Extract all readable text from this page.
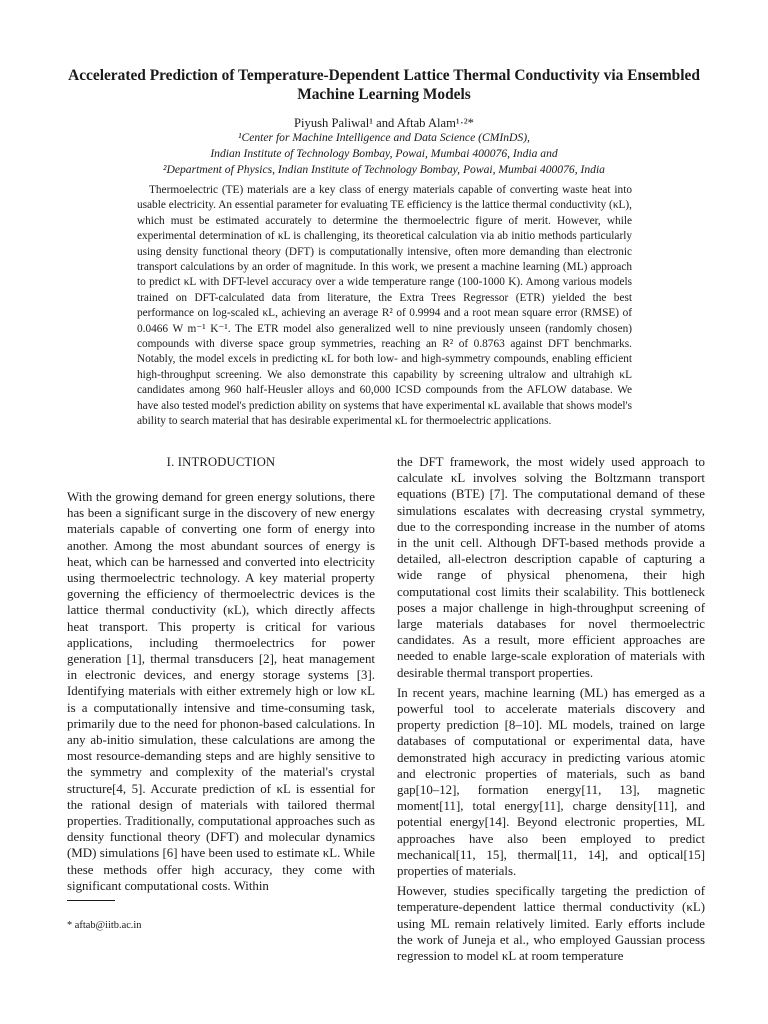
Accelerated Prediction of Temperature-Dependent Lattice Thermal Conductivity via Ensembled Machine Learning Models
Piyush Paliwal¹ and Aftab Alam¹·²*
¹Center for Machine Intelligence and Data Science (CMInDS),
Indian Institute of Technology Bombay, Powai, Mumbai 400076, India and
²Department of Physics, Indian Institute of Technology Bombay, Powai, Mumbai 400076, India

Thermoelectric (TE) materials are a key class of energy materials capable of converting waste heat into usable electricity. An essential parameter for evaluating TE efficiency is the lattice thermal conductivity (κL), which must be estimated accurately to determine the thermoelectric figure of merit. However, while experimental determination of κL is challenging, its theoretical calculation via ab initio methods particularly using density functional theory (DFT) is computationally intensive, often more demanding than electronic transport calculations by an order of magnitude. In this work, we present a machine learning (ML) approach to predict κL with DFT-level accuracy over a wide temperature range (100-1000 K). Among various models trained on DFT-calculated data from literature, the Extra Trees Regressor (ETR) yielded the best performance on log-scaled κL, achieving an average R² of 0.9994 and a root mean square error (RMSE) of 0.0466 W m⁻¹ K⁻¹. The ETR model also generalized well to nine previously unseen (randomly chosen) compounds with diverse space group symmetries, reaching an R² of 0.8763 against DFT benchmarks. Notably, the model excels in predicting κL for both low- and high-symmetry compounds, enabling efficient high-throughput screening. We also demonstrate this capability by screening ultralow and ultrahigh κL candidates among 960 half-Heusler alloys and 60,000 ICSD compounds from the AFLOW database. We have also tested model's prediction ability on systems that have experimental κL available that shows model's ability to search material that has desirable experimental κL for thermoelectric applications.

I. INTRODUCTION

With the growing demand for green energy solutions, there has been a significant surge in the discovery of new energy materials capable of converting one form of energy into another. Among the most abundant sources of energy is heat, which can be harnessed and converted into electricity using thermoelectric technology. A key material property governing the efficiency of thermoelectric devices is the lattice thermal conductivity (κL), which directly affects heat transport. This property is critical for various applications, including thermoelectrics for power generation [1], thermal transducers [2], heat management in electronic devices, and energy storage systems [3]. Identifying materials with either extremely high or low κL is a computationally intensive and time-consuming task, primarily due to the need for phonon-based calculations. In any ab-initio simulation, these calculations are among the most resource-demanding steps and are highly sensitive to the symmetry and complexity of the material's crystal structure[4, 5]. Accurate prediction of κL is essential for the rational design of materials with tailored thermal properties. Traditionally, computational approaches such as density functional theory (DFT) and molecular dynamics (MD) simulations [6] have been used to estimate κL. While these methods offer high accuracy, they come with significant computational costs. Within

the DFT framework, the most widely used approach to calculate κL involves solving the Boltzmann transport equations (BTE) [7]. The computational demand of these simulations escalates with decreasing crystal symmetry, due to the corresponding increase in the number of atoms in the unit cell. Although DFT-based methods provide a detailed, all-electron description capable of capturing a wide range of physical phenomena, their high computational cost limits their scalability. This bottleneck poses a major challenge in high-throughput screening of large materials databases for novel thermoelectric candidates. As a result, more efficient approaches are needed to enable large-scale exploration of materials with desirable thermal transport properties.

In recent years, machine learning (ML) has emerged as a powerful tool to accelerate materials discovery and property prediction [8–10]. ML models, trained on large databases of computational or experimental data, have demonstrated high accuracy in predicting various atomic and electronic properties of materials, such as band gap[10–12], formation energy[11, 13], magnetic moment[11], total energy[11], charge density[11], and potential energy[14]. Beyond electronic properties, ML approaches have also been employed to predict mechanical[11, 15], thermal[11, 14], and optical[15] properties of materials.

However, studies specifically targeting the prediction of temperature-dependent lattice thermal conductivity (κL) using ML remain relatively limited. Early efforts include the work of Juneja et al., who employed Gaussian process regression to model κL at room temperature

* aftab@iitb.ac.in
